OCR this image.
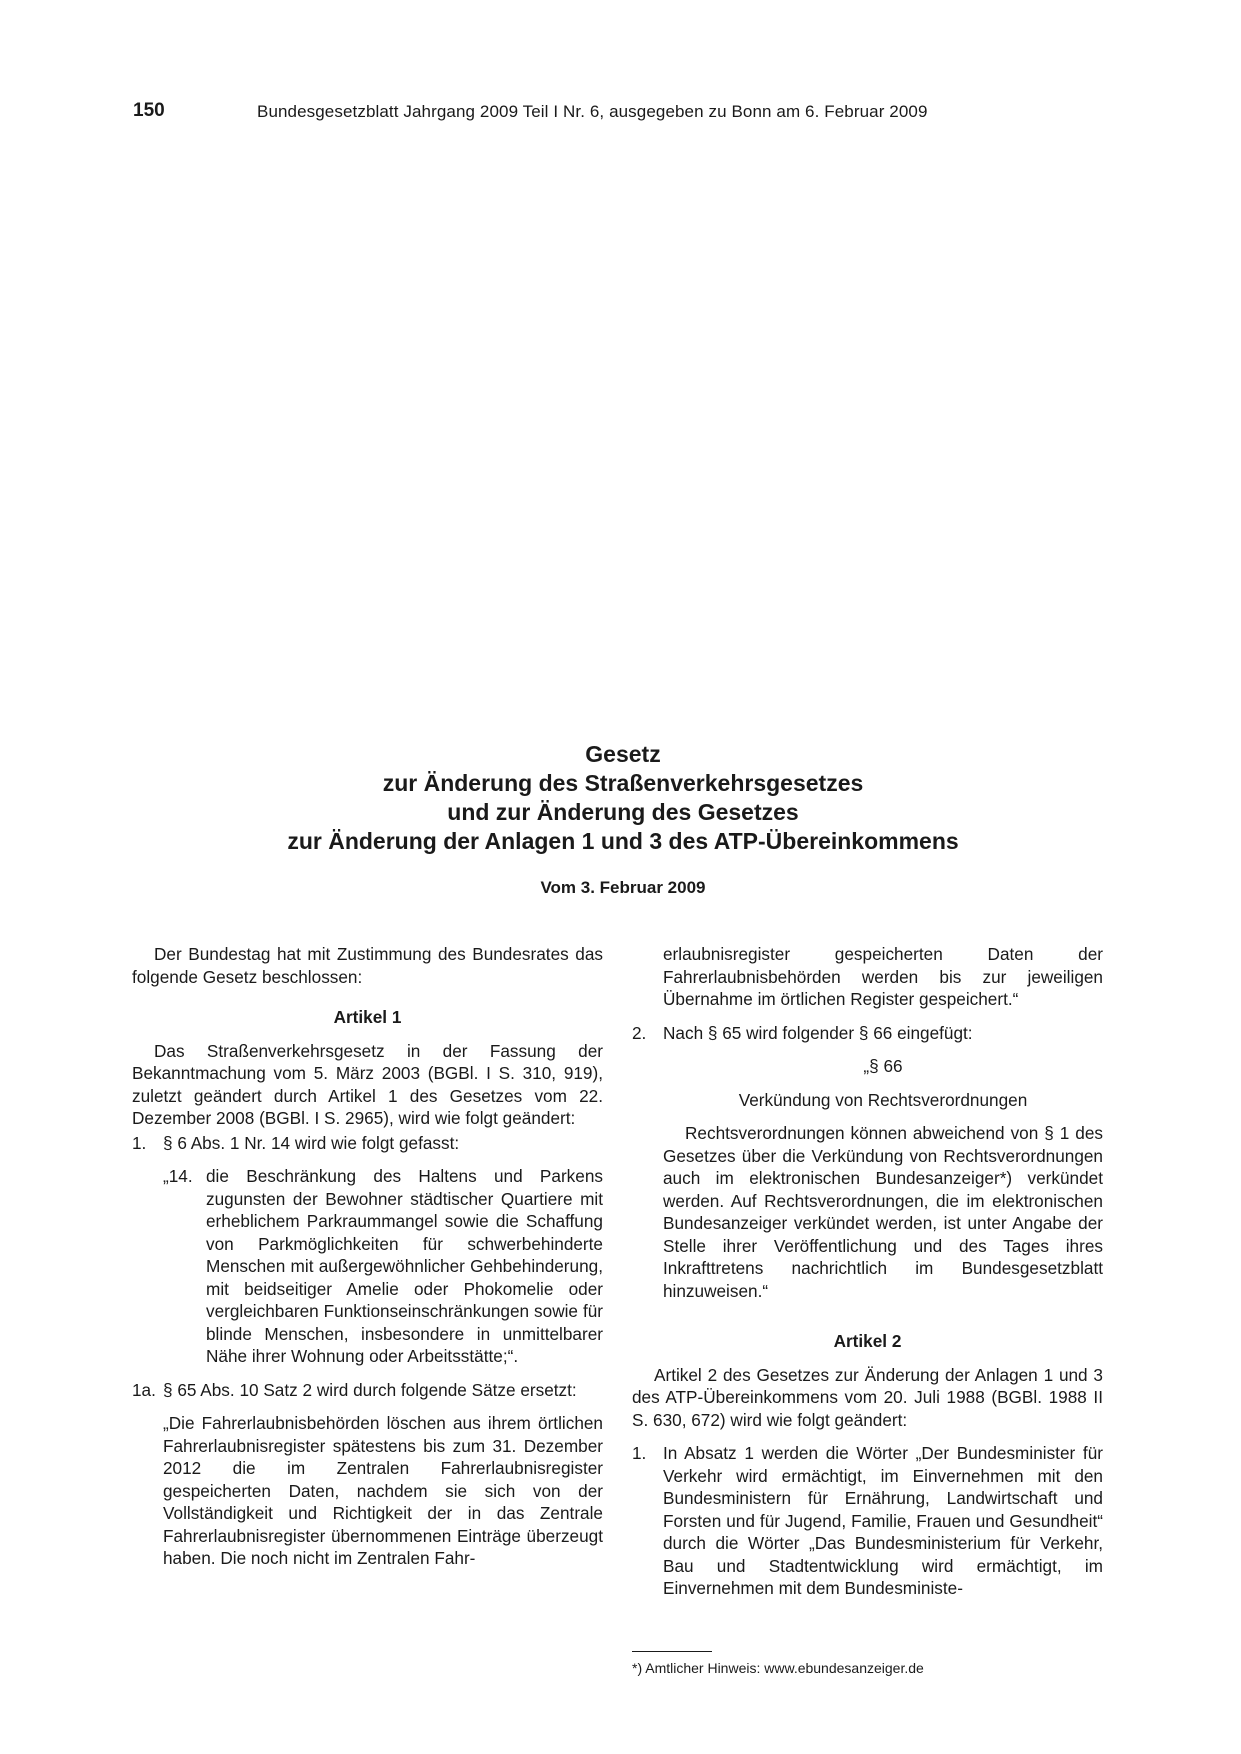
150	Bundesgesetzblatt Jahrgang 2009 Teil I Nr. 6, ausgegeben zu Bonn am 6. Februar 2009
Gesetz
zur Änderung des Straßenverkehrsgesetzes
und zur Änderung des Gesetzes
zur Änderung der Anlagen 1 und 3 des ATP-Übereinkommens
Vom 3. Februar 2009

Der Bundestag hat mit Zustimmung des Bundesrates das folgende Gesetz beschlossen:

Artikel 1

Das Straßenverkehrsgesetz in der Fassung der Bekanntmachung vom 5. März 2003 (BGBl. I S. 310, 919), zuletzt geändert durch Artikel 1 des Gesetzes vom 22. Dezember 2008 (BGBl. I S. 2965), wird wie folgt geändert:

1. § 6 Abs. 1 Nr. 14 wird wie folgt gefasst:

„14. die Beschränkung des Haltens und Parkens zugunsten der Bewohner städtischer Quartiere mit erheblichem Parkraummangel sowie die Schaffung von Parkmöglichkeiten für schwerbehinderte Menschen mit außergewöhnlicher Gehbehinderung, mit beidseitiger Amelie oder Phokomelie oder vergleichbaren Funktionseinschränkungen sowie für blinde Menschen, insbesondere in unmittelbarer Nähe ihrer Wohnung oder Arbeitsstätte;“.

1a. § 65 Abs. 10 Satz 2 wird durch folgende Sätze ersetzt:

„Die Fahrerlaubnisbehörden löschen aus ihrem örtlichen Fahrerlaubnisregister spätestens bis zum 31. Dezember 2012 die im Zentralen Fahrerlaubnisregister gespeicherten Daten, nachdem sie sich von der Vollständigkeit und Richtigkeit der in das Zentrale Fahrerlaubnisregister übernommenen Einträge überzeugt haben. Die noch nicht im Zentralen Fahr-

erlaubnisregister gespeicherten Daten der Fahrerlaubnisbehörden werden bis zur jeweiligen Übernahme im örtlichen Register gespeichert.“

2. Nach § 65 wird folgender § 66 eingefügt:

„§ 66

Verkündung von Rechtsverordnungen

Rechtsverordnungen können abweichend von § 1 des Gesetzes über die Verkündung von Rechtsverordnungen auch im elektronischen Bundesanzeiger*) verkündet werden. Auf Rechtsverordnungen, die im elektronischen Bundesanzeiger verkündet werden, ist unter Angabe der Stelle ihrer Veröffentlichung und des Tages ihres Inkrafttretens nachrichtlich im Bundesgesetzblatt hinzuweisen.“

Artikel 2

Artikel 2 des Gesetzes zur Änderung der Anlagen 1 und 3 des ATP-Übereinkommens vom 20. Juli 1988 (BGBl. 1988 II S. 630, 672) wird wie folgt geändert:

1. In Absatz 1 werden die Wörter „Der Bundesminister für Verkehr wird ermächtigt, im Einvernehmen mit den Bundesministern für Ernährung, Landwirtschaft und Forsten und für Jugend, Familie, Frauen und Gesundheit“ durch die Wörter „Das Bundesministerium für Verkehr, Bau und Stadtentwicklung wird ermächtigt, im Einvernehmen mit dem Bundesministe-

*) Amtlicher Hinweis: www.ebundesanzeiger.de
